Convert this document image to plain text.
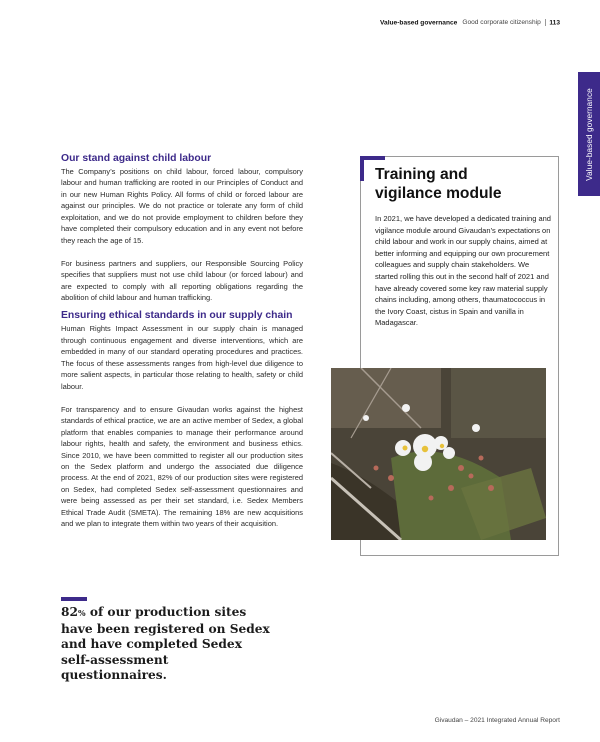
Value-based governance Good corporate citizenship 113
Value-based governance
Our stand against child labour

The Company’s positions on child labour, forced labour, compulsory labour and human trafficking are rooted in our Principles of Conduct and in our new Human Rights Policy. All forms of child or forced labour are against our principles. We do not practice or tolerate any form of child exploitation, and we do not provide employment to children before they have completed their compulsory education and in any event not before they reach the age of 15.

For business partners and suppliers, our Responsible Sourcing Policy specifies that suppliers must not use child labour (or forced labour) and are expected to comply with all reporting obligations regarding the abolition of child labour and human trafficking.

Ensuring ethical standards in our supply chain

Human Rights Impact Assessment in our supply chain is managed through continuous engagement and diverse interventions, which are embedded in many of our standard operating procedures and practices. The focus of these assessments ranges from high-level due diligence to more salient aspects, in particular those relating to health, safety or child labour.

For transparency and to ensure Givaudan works against the highest standards of ethical practice, we are an active member of Sedex, a global platform that enables companies to manage their performance around labour rights, health and safety, the environment and business ethics. Since 2010, we have been committed to register all our production sites on the Sedex platform and undergo the associated due diligence process. At the end of 2021, 82% of our production sites were registered on Sedex, had completed Sedex self-assessment questionnaires and were being assessed as per their set standard, i.e. Sedex Members Ethical Trade Audit (SMETA). The remaining 18% are new acquisitions and we plan to integrate them within two years of their acquisition.

82% of our production sites have been registered on Sedex and have completed Sedex self-assessment questionnaires.
Training and
vigilance module
In 2021, we have developed a dedicated training and vigilance module around Givaudan’s expectations on child labour and work in our supply chains, aimed at better informing and equipping our own procurement colleagues and supply chain stakeholders. We started rolling this out in the second half of 2021 and have already covered some key raw material supply chains including, among others, thaumatococcus in the Ivory Coast, cistus in Spain and vanilla in Madagascar.
Givaudan – 2021 Integrated Annual Report
